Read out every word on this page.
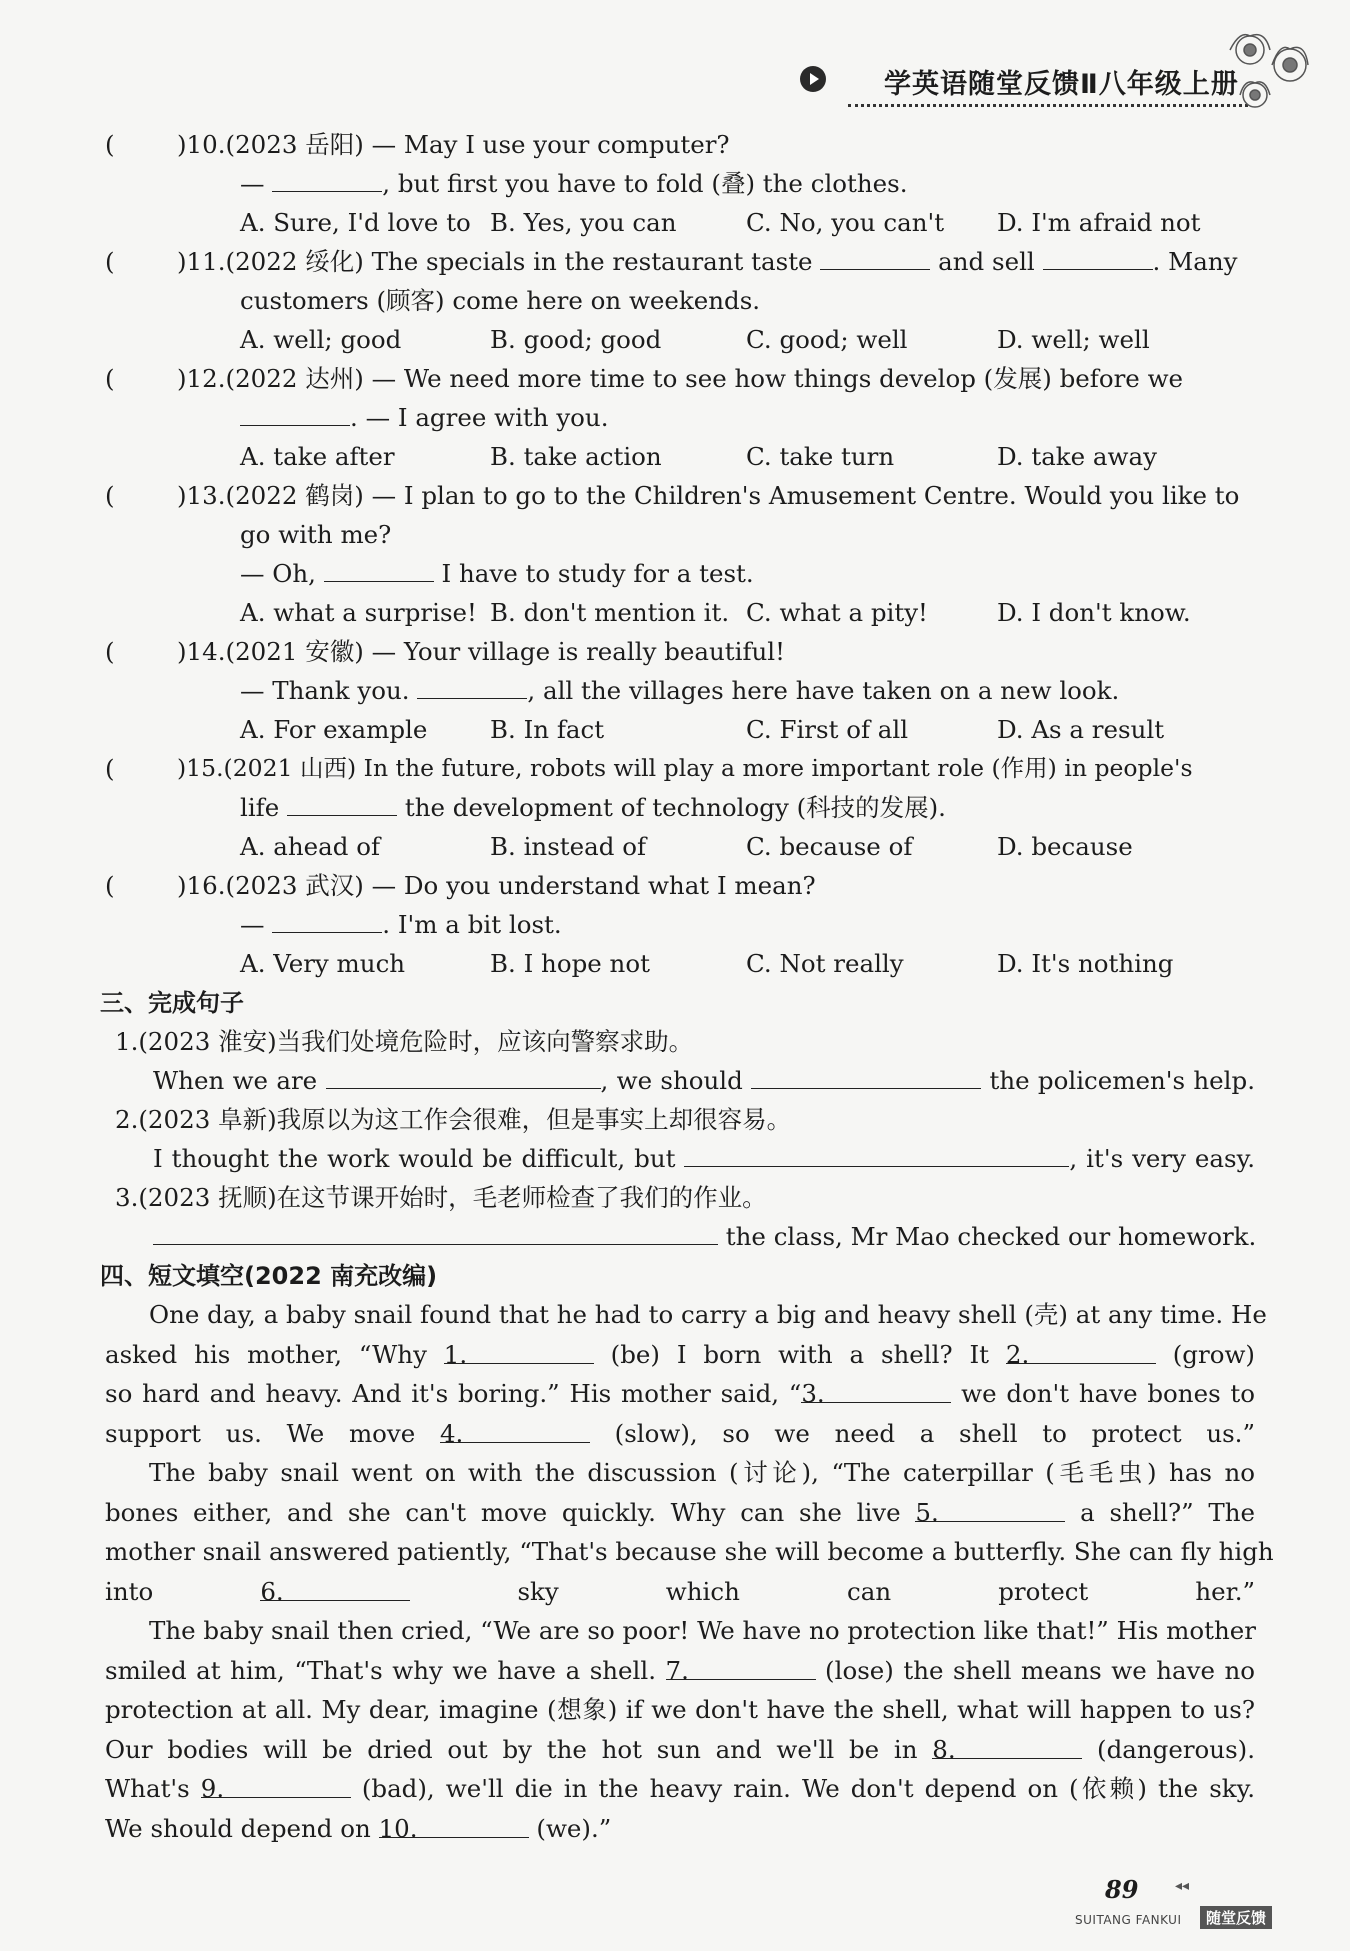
学英语随堂反馈Ⅱ八年级上册
(	)10.(2023 岳阳) — May I use your computer?
—	, but first you have to fold (叠) the clothes.
A. Sure, I'd love to B. Yes, you can	C. No, you can't D. I'm afraid not
(	)11.(2022 绥化) The specials in the restaurant taste	and sell	. Many
customers (顾客) come here on weekends.
A. well; good	B. good; good	C. good; well	D. well; well
(	)12.(2022 达州) — We need more time to see how things develop (发展) before we
. — I agree with you.
A. take after	B. take action	C. take turn	D. take away
(	)13.(2022 鹤岗) — I plan to go to the Children's Amusement Centre. Would you like to
go with me?
— Oh,	I have to study for a test.
A. what a surprise! B. don't mention it. C. what a pity!	D. I don't know.
(	)14.(2021 安徽) — Your village is really beautiful!
— Thank you.	, all the villages here have taken on a new look.
A. For example	B. In fact	C. First of all	D. As a result
(	)15.(2021 山西) In the future, robots will play a more important role (作用) in people's
life	the development of technology (科技的发展).
A. ahead of	B. instead of	C. because of	D. because
(	)16.(2023 武汉) — Do you understand what I mean?
—	. I'm a bit lost.
A. Very much	B. I hope not	C. Not really	D. It's nothing
三、完成句子
1.(2023 淮安)当我们处境危险时，应该向警察求助。
When we are	, we should	the policemen's help.
2.(2023 阜新)我原以为这工作会很难，但是事实上却很容易。
I thought the work would be difficult, but	, it's very easy.
3.(2023 抚顺)在这节课开始时，毛老师检查了我们的作业。
the class, Mr Mao checked our homework.
四、短文填空(2022 南充改编)
One day, a baby snail found that he had to carry a big and heavy shell (壳) at any time. He
asked his mother, “Why 1.	(be) I born with a shell? It 2.	(grow)
so hard and heavy. And it's boring.” His mother said, “3.	we don't have bones to
support us. We move 4.	(slow), so we need a shell to protect us.”
The baby snail went on with the discussion (讨论), “The caterpillar (毛毛虫) has no
bones either, and she can't move quickly. Why can she live 5.	a shell?” The
mother snail answered patiently, “That's because she will become a butterfly. She can fly high
into 6.	sky which can protect her.”
The baby snail then cried, “We are so poor! We have no protection like that!” His mother
smiled at him, “That's why we have a shell. 7.	(lose) the shell means we have no
protection at all. My dear, imagine (想象) if we don't have the shell, what will happen to us?
Our bodies will be dried out by the hot sun and we'll be in 8.	(dangerous).
What's 9.	(bad), we'll die in the heavy rain. We don't depend on (依赖) the sky.
We should depend on 10.	(we).”
89	◂◂
SUITANG FANKUI	随堂反馈
